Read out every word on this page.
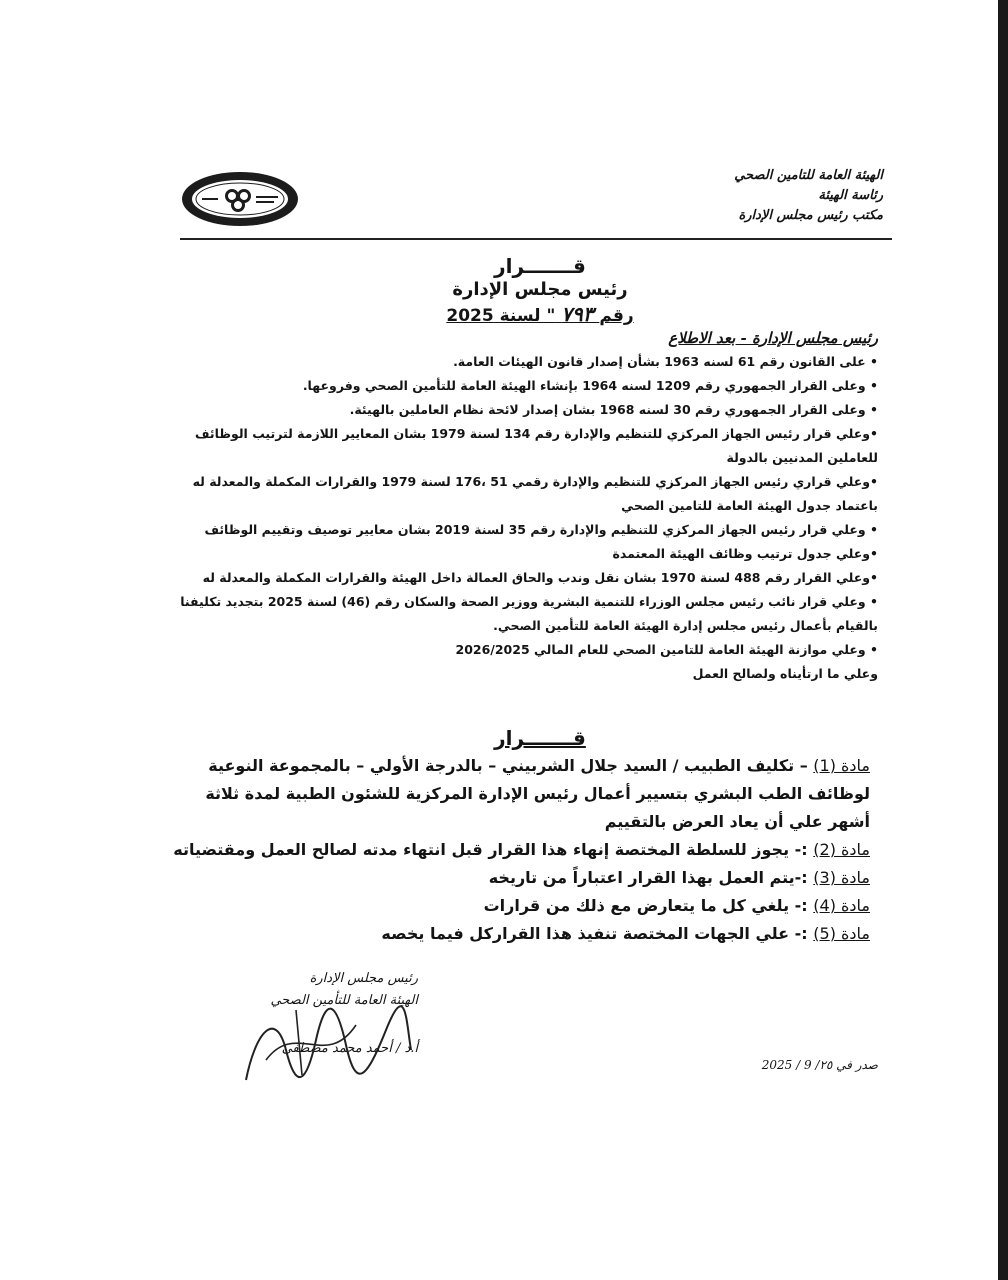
الهيئة العامة للتامين الصحي
رئاسة الهيئة
مكتب رئيس مجلس الإدارة
قـــــــرار
رئيس مجلس الإدارة
رقم ٧٩٣ " لسنة 2025

رئيس مجلس الإدارة - بعد الاطلاع

• على القانون رقم 61 لسنه 1963 بشأن إصدار قانون الهيئات العامة.

• وعلى القرار الجمهوري رقم 1209 لسنه 1964 بإنشاء الهيئة العامة للتأمين الصحي وفروعها.

• وعلى القرار الجمهوري رقم 30 لسنه 1968 بشان إصدار لائحة نظام العاملين بالهيئة.

•وعلي قرار رئيس الجهاز المركزي للتنظيم والإدارة رقم 134 لسنة 1979 بشان المعايير اللازمة لترتيب الوظائف للعاملين المدنيين بالدولة

•وعلي قراري رئيس الجهاز المركزي للتنظيم والإدارة رقمي 51 ،176 لسنة 1979 والقرارات المكملة والمعدلة له باعتماد جدول الهيئة العامة للتامين الصحي

• وعلي قرار رئيس الجهاز المركزي للتنظيم والإدارة رقم 35 لسنة 2019 بشان معايير توصيف وتقييم الوظائف

•وعلي جدول ترتيب وظائف الهيئة المعتمدة

•وعلي القرار رقم 488 لسنة 1970 بشان نقل وندب والحاق العمالة داخل الهيئة والقرارات المكملة والمعدلة له

• وعلي قرار نائب رئيس مجلس الوزراء للتنمية البشرية ووزير الصحة والسكان رقم (46) لسنة 2025 بتجديد تكليفنا بالقيام بأعمال رئيس مجلس إدارة الهيئة العامة للتأمين الصحي.

• وعلي موازنة الهيئة العامة للتامين الصحي للعام المالي 2026/2025

وعلي ما ارتأيناه ولصالح العمل

قـــــــرار

مادة (1) – تكليف الطبيب / السيد جلال الشربيني – بالدرجة الأولي – بالمجموعة النوعية لوظائف الطب البشري بتسيير أعمال رئيس الإدارة المركزية للشئون الطبية لمدة ثلاثة أشهر علي أن يعاد العرض بالتقييم

مادة (2) :- يجوز للسلطة المختصة إنهاء هذا القرار قبل انتهاء مدته لصالح العمل ومقتضياته

مادة (3) :-يتم العمل بهذا القرار اعتباراً من تاريخه

مادة (4) :- يلغي كل ما يتعارض مع ذلك من قرارات

مادة (5) :- علي الجهات المختصة تنفيذ هذا القراركل فيما يخصه

رئيس مجلس الإدارة
الهيئة العامة للتأمين الصحي
أ.د / أحمد محمد مصطفى
صدر في ٢٥/ 9 / 2025
